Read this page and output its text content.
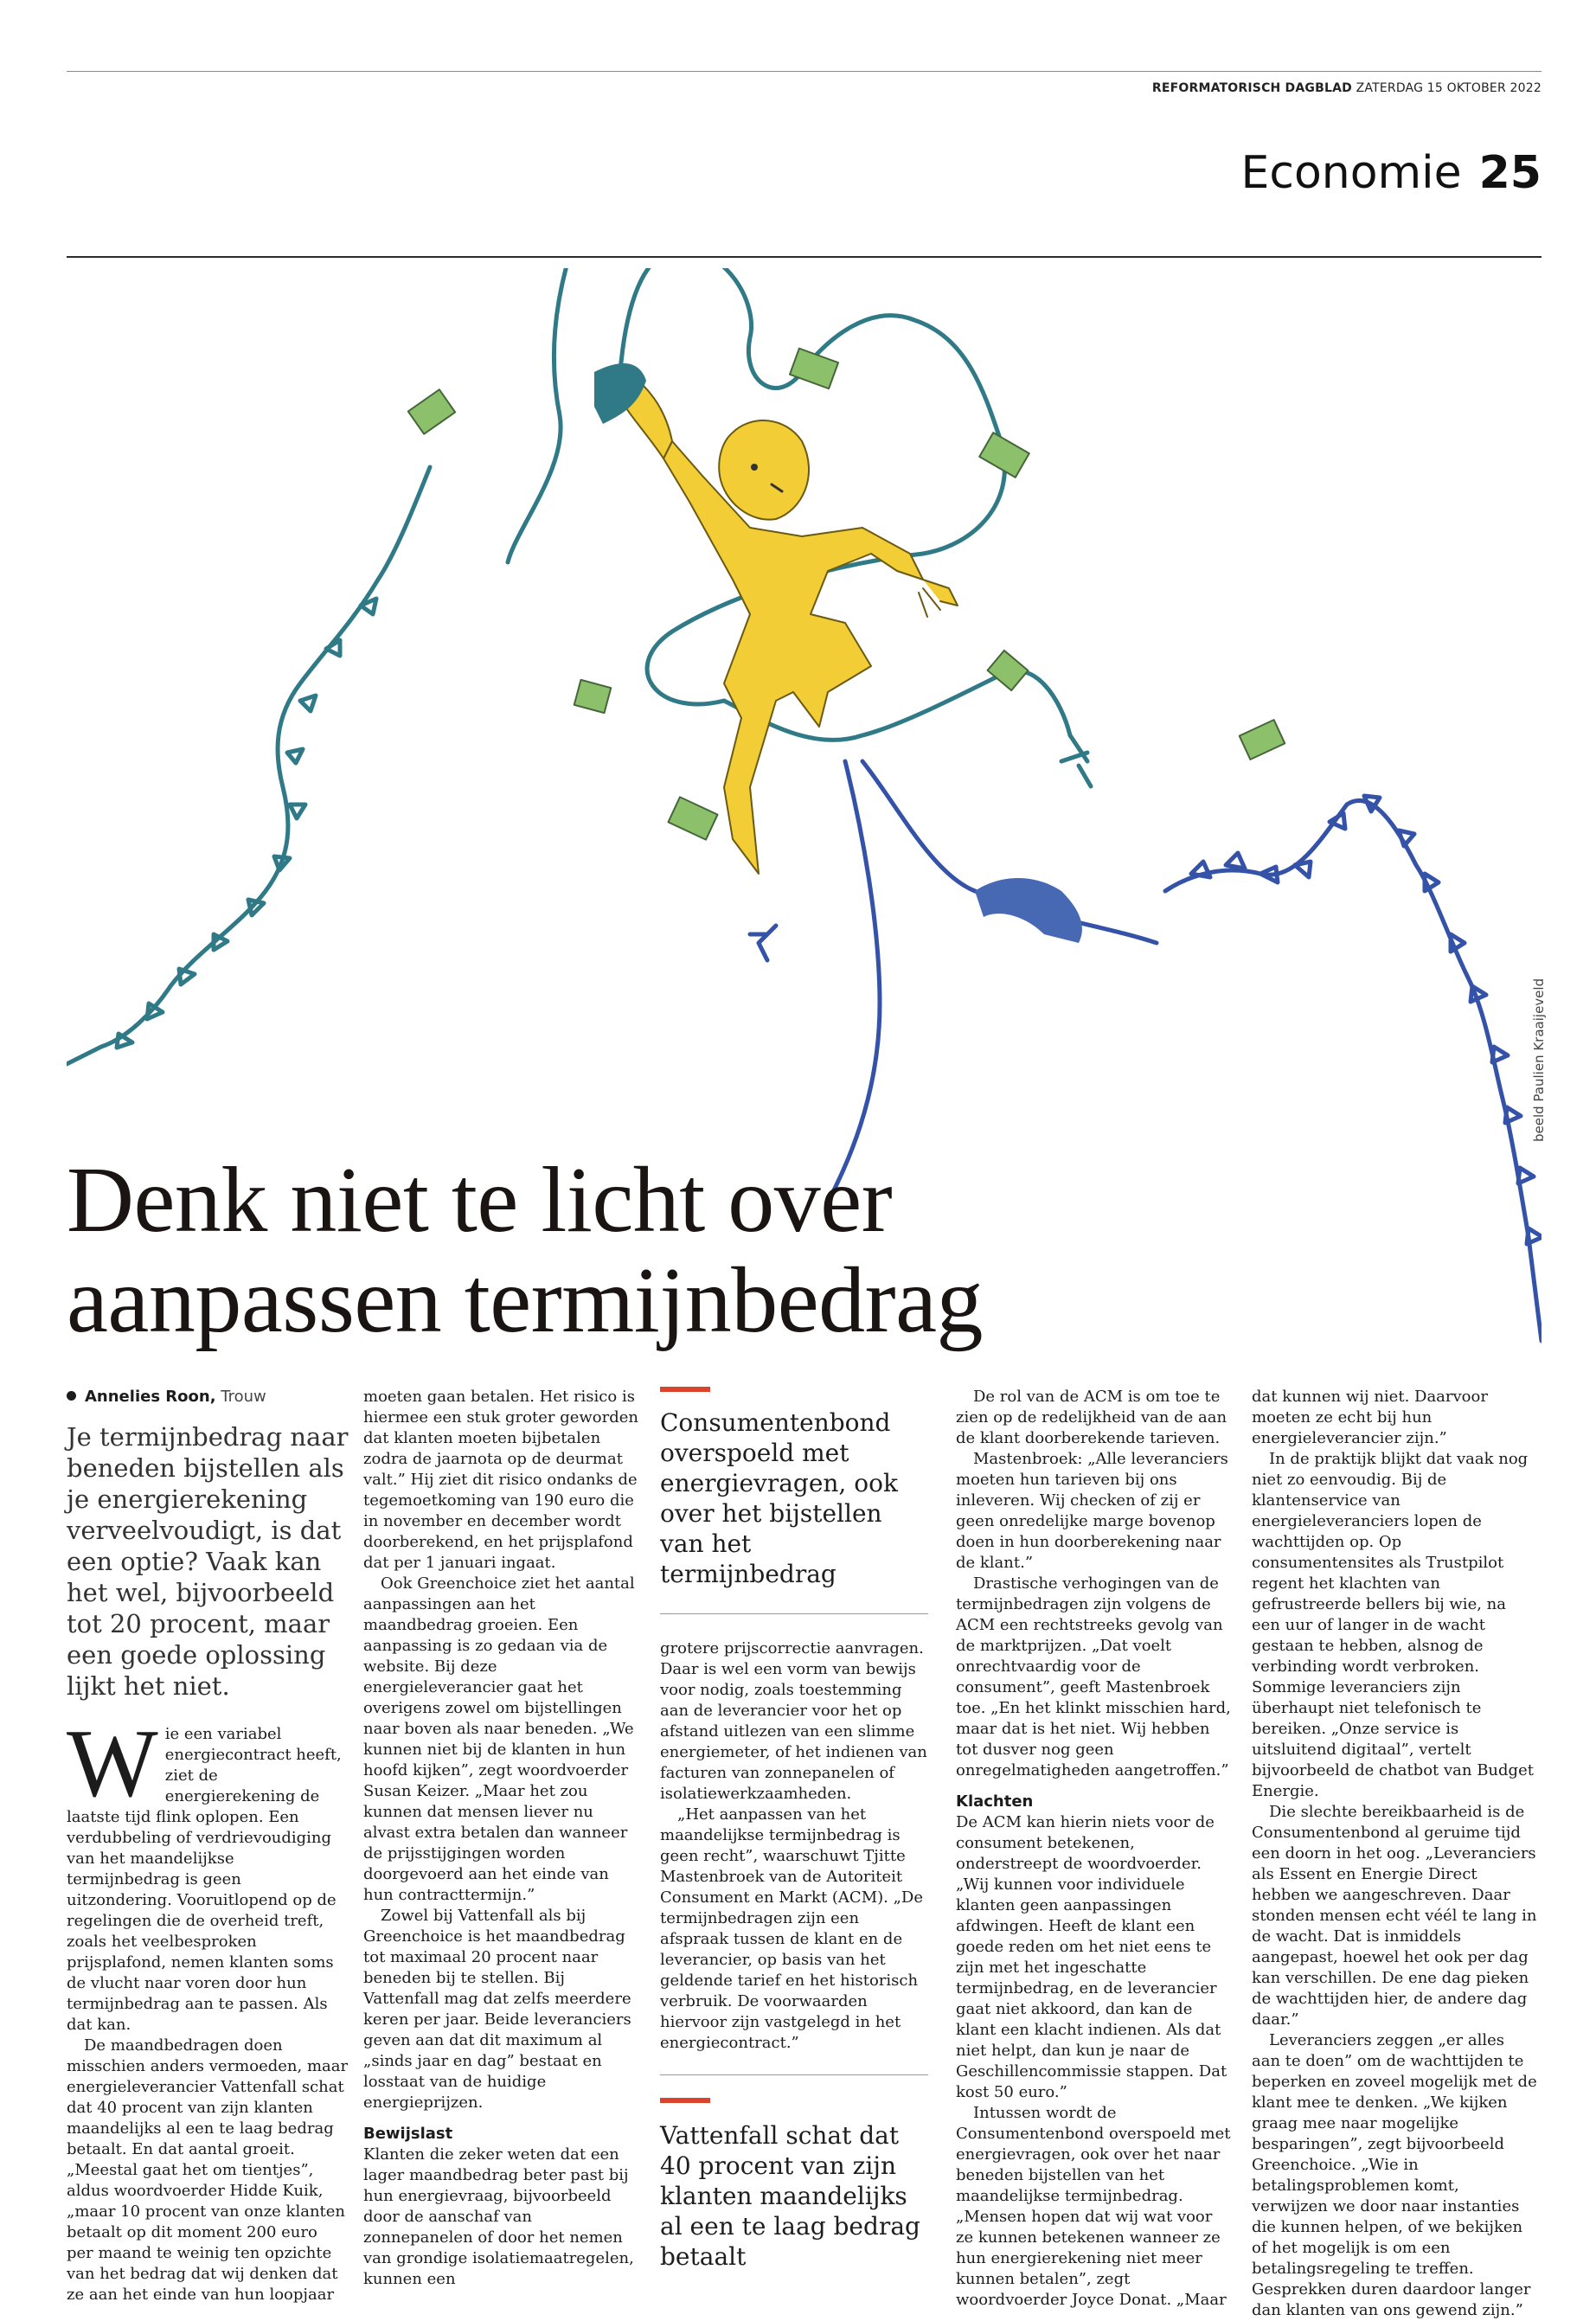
REFORMATORISCH DAGBLAD ZATERDAG 15 OKTOBER 2022
Economie 25
beeld Paulien Kraaijeveld
Denk niet te licht over
aanpassen termijnbedrag
Annelies Roon, Trouw
Je termijnbedrag naar beneden bijstellen als je energierekening verveelvoudigt, is dat een optie? Vaak kan het wel, bijvoorbeeld tot 20 procent, maar een goede oplossing lijkt het niet.

Wie een variabel energiecontract heeft, ziet de energierekening de laatste tijd flink oplopen. Een verdubbeling of verdrievoudiging van het maandelijkse termijnbedrag is geen uitzondering. Vooruitlopend op de regelingen die de overheid treft, zoals het veelbesproken prijsplafond, nemen klanten soms de vlucht naar voren door hun termijnbedrag aan te passen. Als dat kan.

De maandbedragen doen misschien anders vermoeden, maar energieleverancier Vattenfall schat dat 40 procent van zijn klanten maandelijks al een te laag bedrag betaalt. En dat aantal groeit. „Meestal gaat het om tientjes”, aldus woordvoerder Hidde Kuik, „maar 10 procent van onze klanten betaalt op dit moment 200 euro per maand te weinig ten opzichte van het bedrag dat wij denken dat ze aan het einde van hun loopjaar

moeten gaan betalen. Het risico is hiermee een stuk groter geworden dat klanten moeten bijbetalen zodra de jaarnota op de deurmat valt.” Hij ziet dit risico ondanks de tegemoetkoming van 190 euro die in november en december wordt doorberekend, en het prijsplafond dat per 1 januari ingaat.

Ook Greenchoice ziet het aantal aanpassingen aan het maandbedrag groeien. Een aanpassing is zo gedaan via de website. Bij deze energieleverancier gaat het overigens zowel om bijstellingen naar boven als naar beneden. „We kunnen niet bij de klanten in hun hoofd kijken”, zegt woordvoerder Susan Keizer. „Maar het zou kunnen dat mensen liever nu alvast extra betalen dan wanneer de prijsstijgingen worden doorgevoerd aan het einde van hun contracttermijn.”

Zowel bij Vattenfall als bij Greenchoice is het maandbedrag tot maximaal 20 procent naar beneden bij te stellen. Bij Vattenfall mag dat zelfs meerdere keren per jaar. Beide leveranciers geven aan dat dit maximum al „sinds jaar en dag” bestaat en losstaat van de huidige energieprijzen.

Bewijslast

Klanten die zeker weten dat een lager maandbedrag beter past bij hun energievraag, bijvoorbeeld door de aanschaf van zonnepanelen of door het nemen van grondige isolatiemaatregelen, kunnen een

Consumentenbond overspoeld met energievragen, ook over het bijstellen van het termijnbedrag

grotere prijscorrectie aanvragen. Daar is wel een vorm van bewijs voor nodig, zoals toestemming aan de leverancier voor het op afstand uitlezen van een slimme energiemeter, of het indienen van facturen van zonnepanelen of isolatiewerkzaamheden.

„Het aanpassen van het maandelijkse termijnbedrag is geen recht”, waarschuwt Tjitte Mastenbroek van de Autoriteit Consument en Markt (ACM). „De termijnbedragen zijn een afspraak tussen de klant en de leverancier, op basis van het geldende tarief en het historisch verbruik. De voorwaarden hiervoor zijn vastgelegd in het energiecontract.”

Vattenfall schat dat 40 procent van zijn klanten maandelijks al een te laag bedrag betaalt

De rol van de ACM is om toe te zien op de redelijkheid van de aan de klant doorberekende tarieven.

Mastenbroek: „Alle leveranciers moeten hun tarieven bij ons inleveren. Wij checken of zij er geen onredelijke marge bovenop doen in hun doorberekening naar de klant.”

Drastische verhogingen van de termijnbedragen zijn volgens de ACM een rechtstreeks gevolg van de marktprijzen. „Dat voelt onrechtvaardig voor de consument”, geeft Mastenbroek toe. „En het klinkt misschien hard, maar dat is het niet. Wij hebben tot dusver nog geen onregelmatigheden aangetroffen.”

Klachten

De ACM kan hierin niets voor de consument betekenen, onderstreept de woordvoerder. „Wij kunnen voor individuele klanten geen aanpassingen afdwingen. Heeft de klant een goede reden om het niet eens te zijn met het ingeschatte termijnbedrag, en de leverancier gaat niet akkoord, dan kan de klant een klacht indienen. Als dat niet helpt, dan kun je naar de Geschillencommissie stappen. Dat kost 50 euro.”

Intussen wordt de Consumentenbond overspoeld met energievragen, ook over het naar beneden bijstellen van het maandelijkse termijnbedrag. „Mensen hopen dat wij wat voor ze kunnen betekenen wanneer ze hun energierekening niet meer kunnen betalen”, zegt woordvoerder Joyce Donat. „Maar

dat kunnen wij niet. Daarvoor moeten ze echt bij hun energieleverancier zijn.”

In de praktijk blijkt dat vaak nog niet zo eenvoudig. Bij de klantenservice van energieleveranciers lopen de wachttijden op. Op consumentensites als Trustpilot regent het klachten van gefrustreerde bellers bij wie, na een uur of langer in de wacht gestaan te hebben, alsnog de verbinding wordt verbroken. Sommige leveranciers zijn überhaupt niet telefonisch te bereiken. „Onze service is uitsluitend digitaal”, vertelt bijvoorbeeld de chatbot van Budget Energie.

Die slechte bereikbaarheid is de Consumentenbond al geruime tijd een doorn in het oog. „Leveranciers als Essent en Energie Direct hebben we aangeschreven. Daar stonden mensen echt véél te lang in de wacht. Dat is inmiddels aangepast, hoewel het ook per dag kan verschillen. De ene dag pieken de wachttijden hier, de andere dag daar.”

Leveranciers zeggen „er alles aan te doen” om de wachttijden te beperken en zoveel mogelijk met de klant mee te denken. „We kijken graag mee naar mogelijke besparingen”, zegt bijvoorbeeld Greenchoice. „Wie in betalingsproblemen komt, verwijzen we door naar instanties die kunnen helpen, of we bekijken of het mogelijk is om een betalingsregeling te treffen. Gesprekken duren daardoor langer dan klanten van ons gewend zijn.”
